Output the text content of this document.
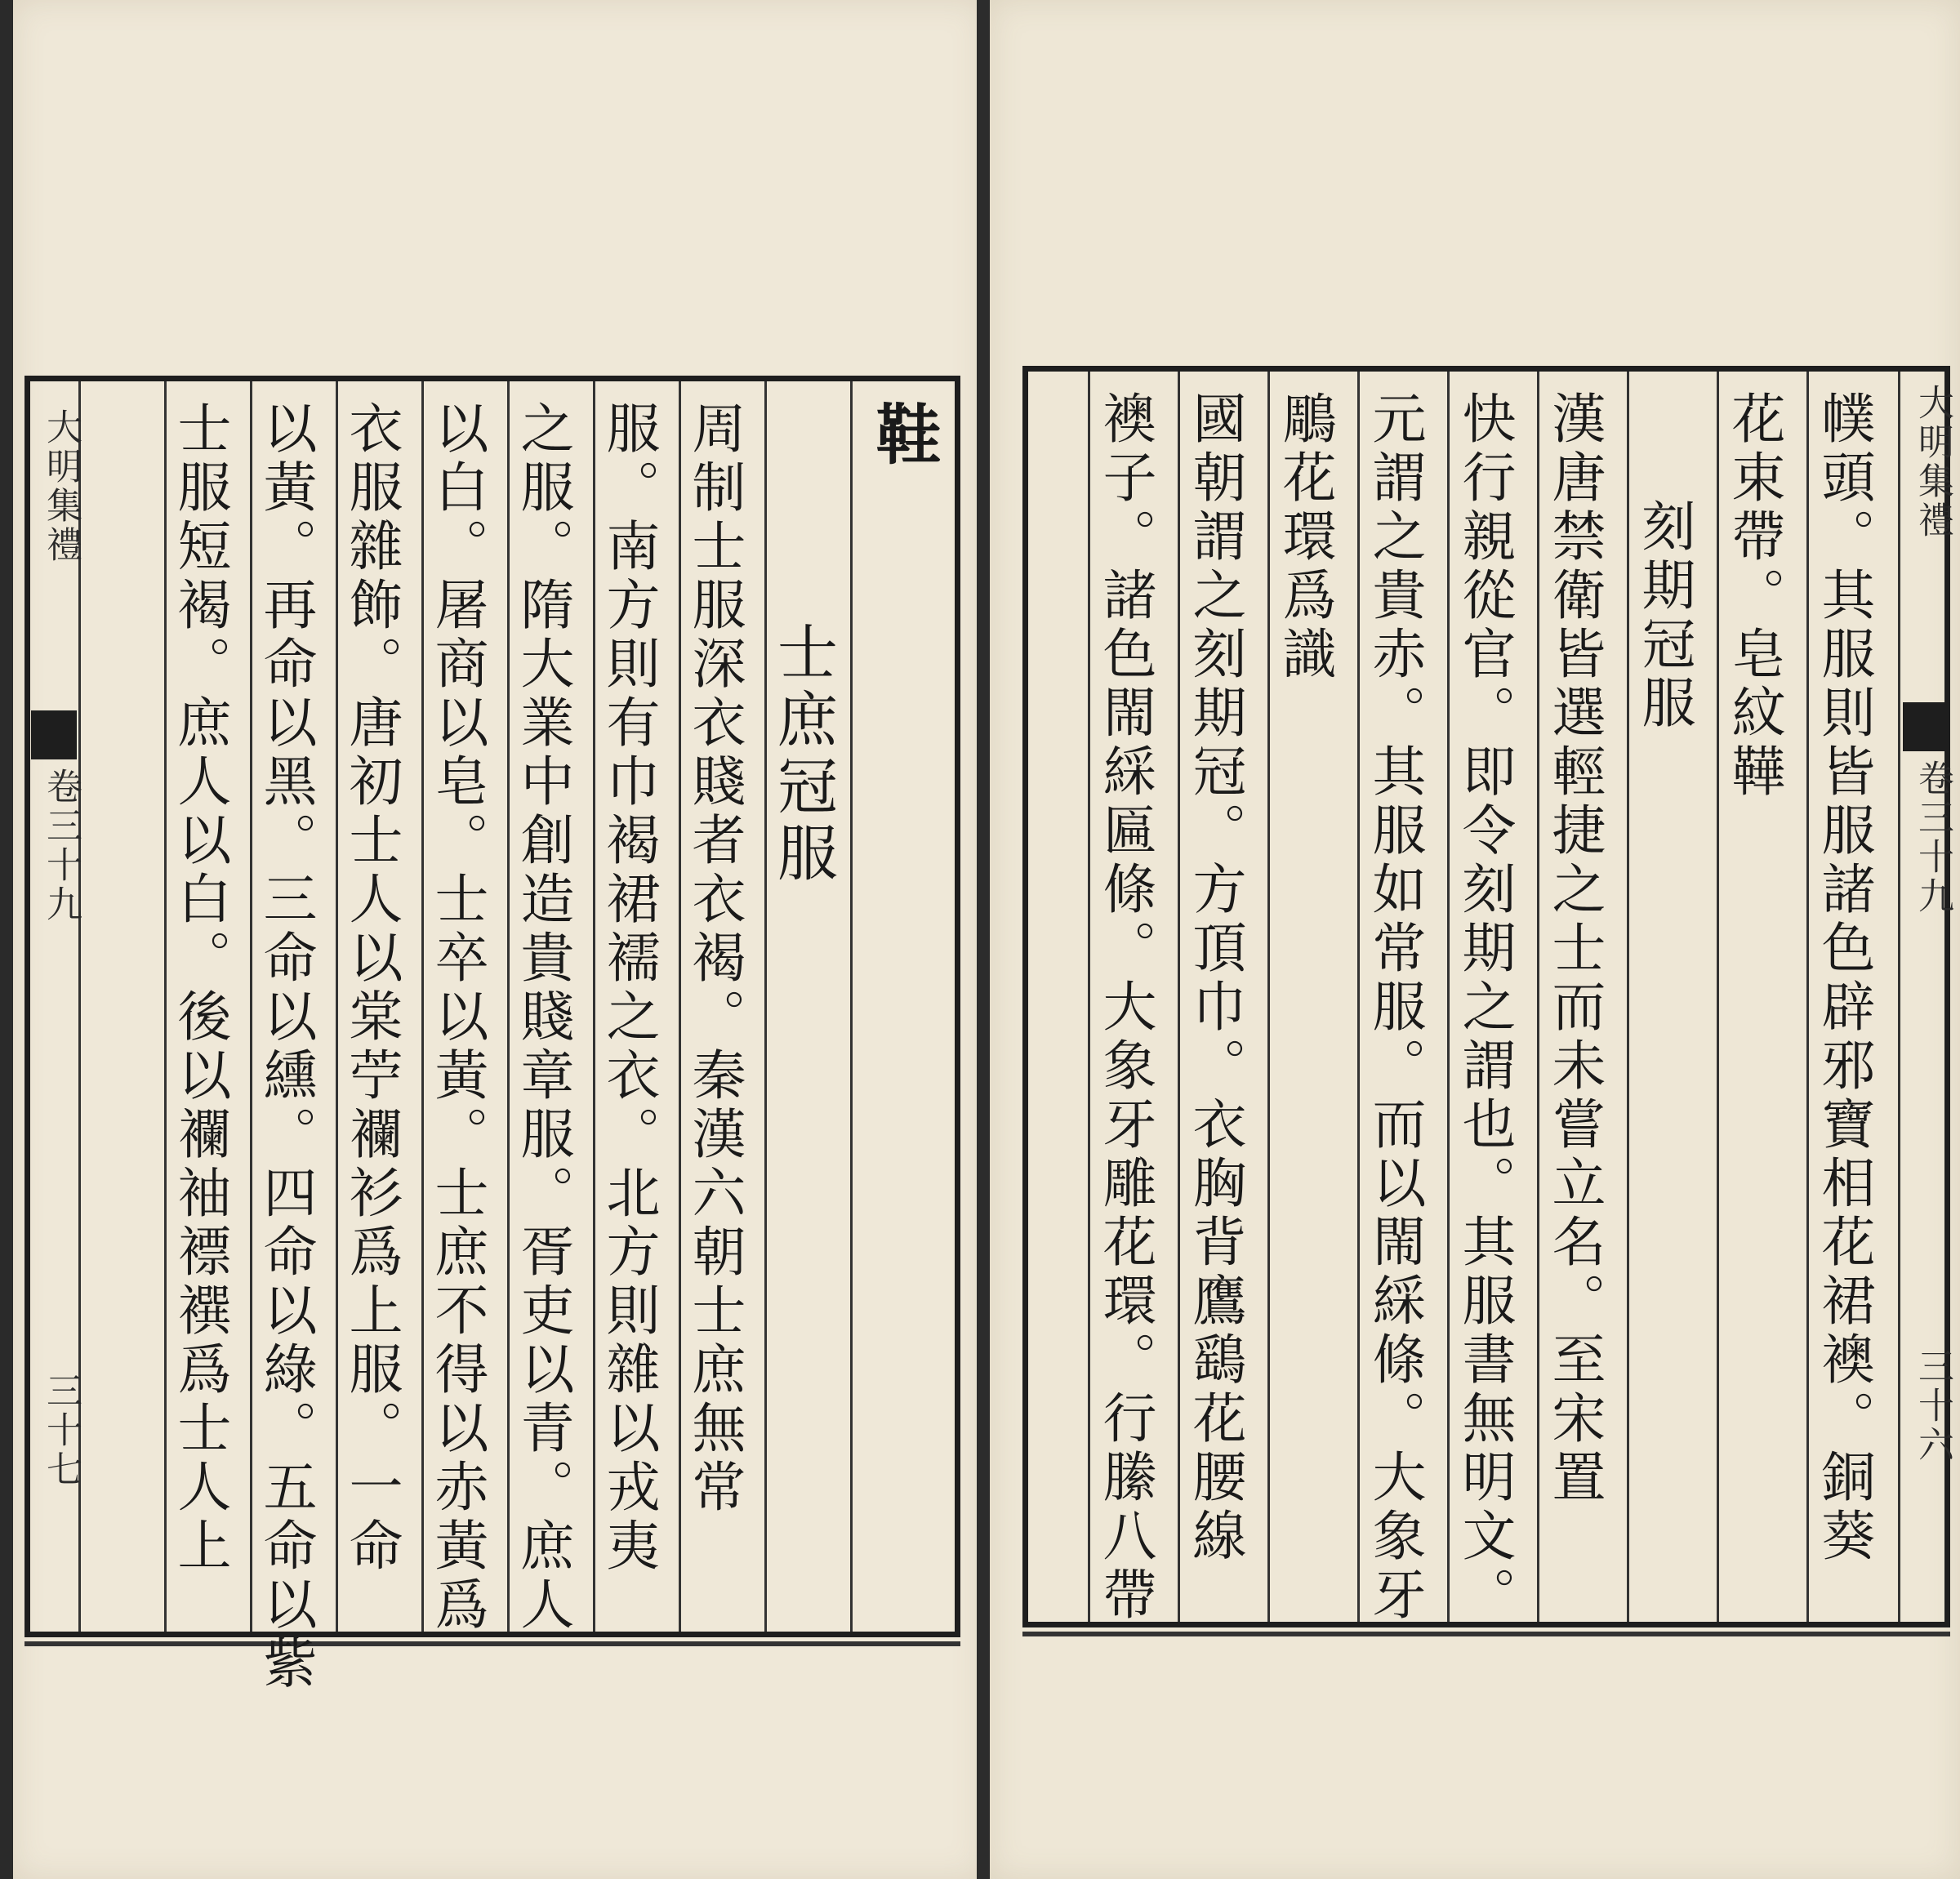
大明集禮
卷三十九
三十七
鞋
士庶冠服
周制士服深衣賤者衣褐。秦漢六朝士庶無常
服。南方則有巾褐裙襦之衣。北方則雜以戎夷
之服。隋大業中創造貴賤章服。胥吏以青。庶人
以白。屠商以皂。士卒以黃。士庶不得以赤黃爲
衣服雜飾。唐初士人以棠苧襴衫爲上服。一命
以黃。再命以黑。三命以纁。四命以綠。五命以紫
士服短褐。庶人以白。後以襴袖褾襈爲士人上	大明集禮
卷三十九
三十六
幞頭。其服則皆服諸色辟邪寶相花裙襖。銅葵
花束帶。皂紋鞾
刻期冠服
漢唐禁衛皆選輕捷之士而未嘗立名。至宋置
快行親從官。即令刻期之謂也。其服書無明文。
元謂之貴赤。其服如常服。而以閙綵條。大象牙
鵰花環爲識
國朝謂之刻期冠。方頂巾。衣胸背鷹鷂花腰線
襖子。諸色閙綵匾條。大象牙雕花環。行縢八帶
